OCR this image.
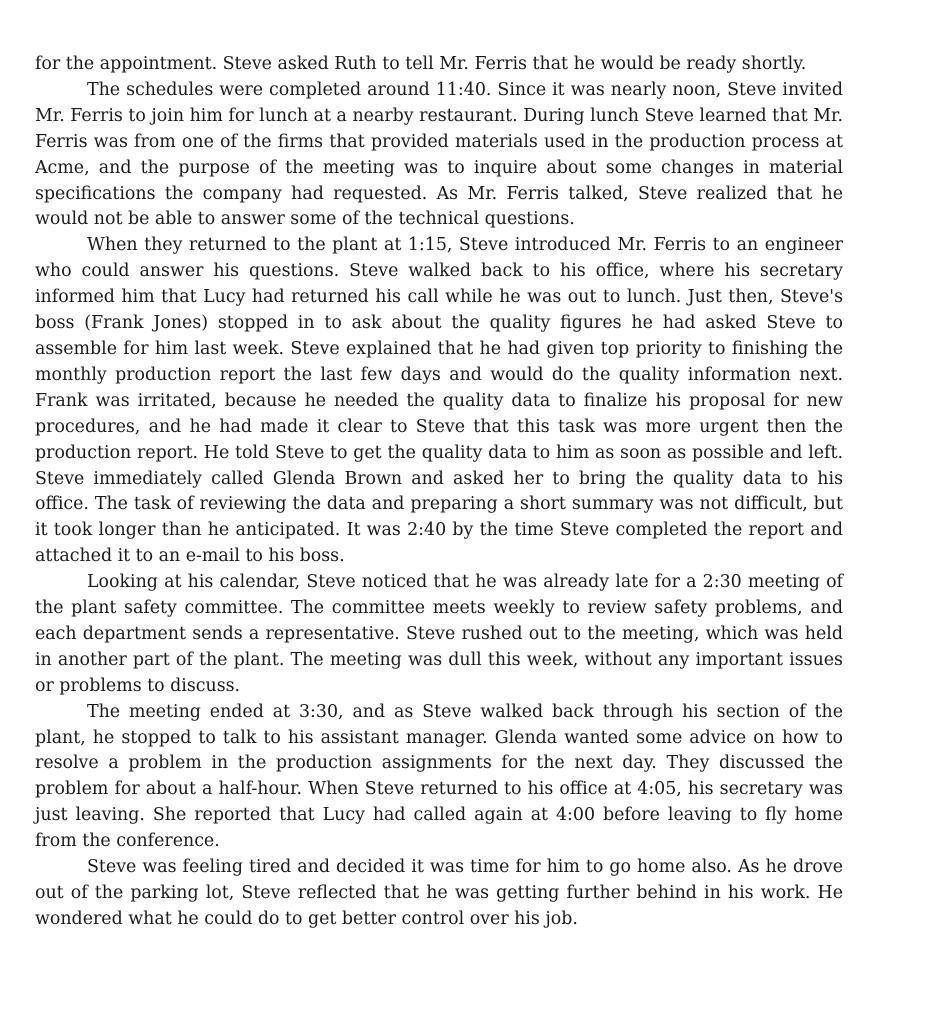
for the appointment. Steve asked Ruth to tell Mr. Ferris that he would be ready shortly.

The schedules were completed around 11:40. Since it was nearly noon, Steve invited Mr. Ferris to join him for lunch at a nearby restaurant. During lunch Steve learned that Mr. Ferris was from one of the firms that provided materials used in the production process at Acme, and the purpose of the meeting was to inquire about some changes in material specifications the company had requested. As Mr. Ferris talked, Steve realized that he would not be able to answer some of the technical questions.

When they returned to the plant at 1:15, Steve introduced Mr. Ferris to an engineer who could answer his questions. Steve walked back to his office, where his secretary informed him that Lucy had returned his call while he was out to lunch. Just then, Steve's boss (Frank Jones) stopped in to ask about the quality figures he had asked Steve to assemble for him last week. Steve explained that he had given top priority to finishing the monthly production report the last few days and would do the quality information next. Frank was irritated, because he needed the quality data to finalize his proposal for new procedures, and he had made it clear to Steve that this task was more urgent then the production report. He told Steve to get the quality data to him as soon as possible and left. Steve immediately called Glenda Brown and asked her to bring the quality data to his office. The task of reviewing the data and preparing a short summary was not difficult, but it took longer than he anticipated. It was 2:40 by the time Steve completed the report and attached it to an e-mail to his boss.

Looking at his calendar, Steve noticed that he was already late for a 2:30 meeting of the plant safety committee. The committee meets weekly to review safety problems, and each department sends a representative. Steve rushed out to the meeting, which was held in another part of the plant. The meeting was dull this week, without any important issues or problems to discuss.

The meeting ended at 3:30, and as Steve walked back through his section of the plant, he stopped to talk to his assistant manager. Glenda wanted some advice on how to resolve a problem in the production assignments for the next day. They discussed the problem for about a half-hour. When Steve returned to his office at 4:05, his secretary was just leaving. She reported that Lucy had called again at 4:00 before leaving to fly home from the conference.

Steve was feeling tired and decided it was time for him to go home also. As he drove out of the parking lot, Steve reflected that he was getting further behind in his work. He wondered what he could do to get better control over his job.
